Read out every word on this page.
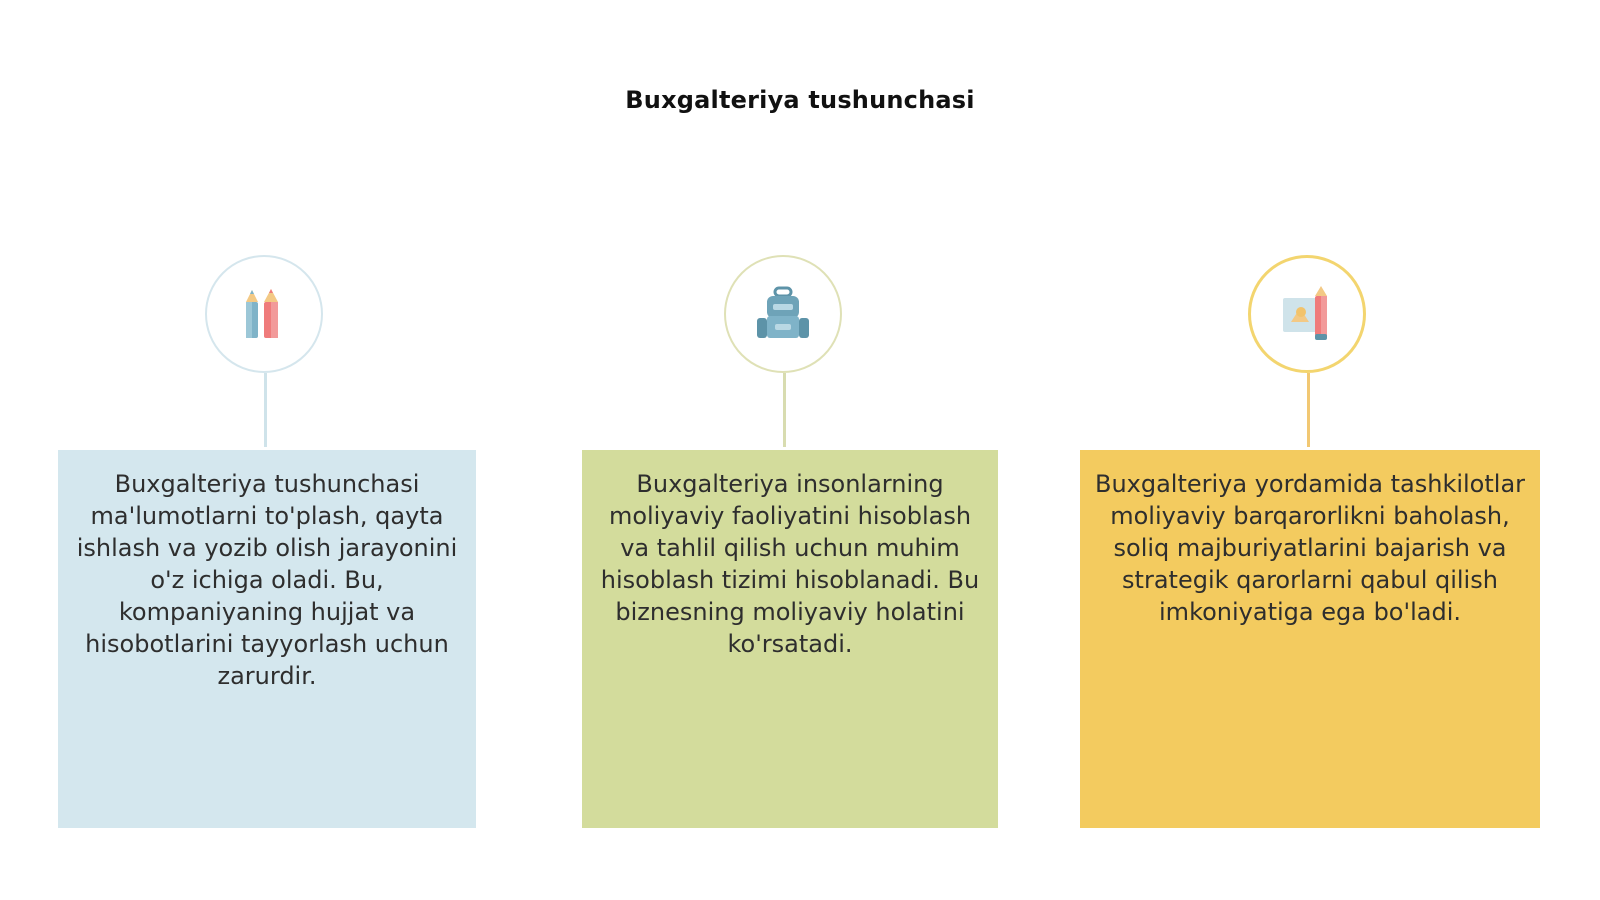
Buxgalteriya tushunchasi
Buxgalteriya tushunchasi ma'lumotlarni to'plash, qayta ishlash va yozib olish jarayonini o'z ichiga oladi. Bu, kompaniyaning hujjat va hisobotlarini tayyorlash uchun zarurdir.
Buxgalteriya insonlarning moliyaviy faoliyatini hisoblash va tahlil qilish uchun muhim hisoblash tizimi hisoblanadi. Bu biznesning moliyaviy holatini ko'rsatadi.
Buxgalteriya yordamida tashkilotlar moliyaviy barqarorlikni baholash, soliq majburiyatlarini bajarish va strategik qarorlarni qabul qilish imkoniyatiga ega bo'ladi.
